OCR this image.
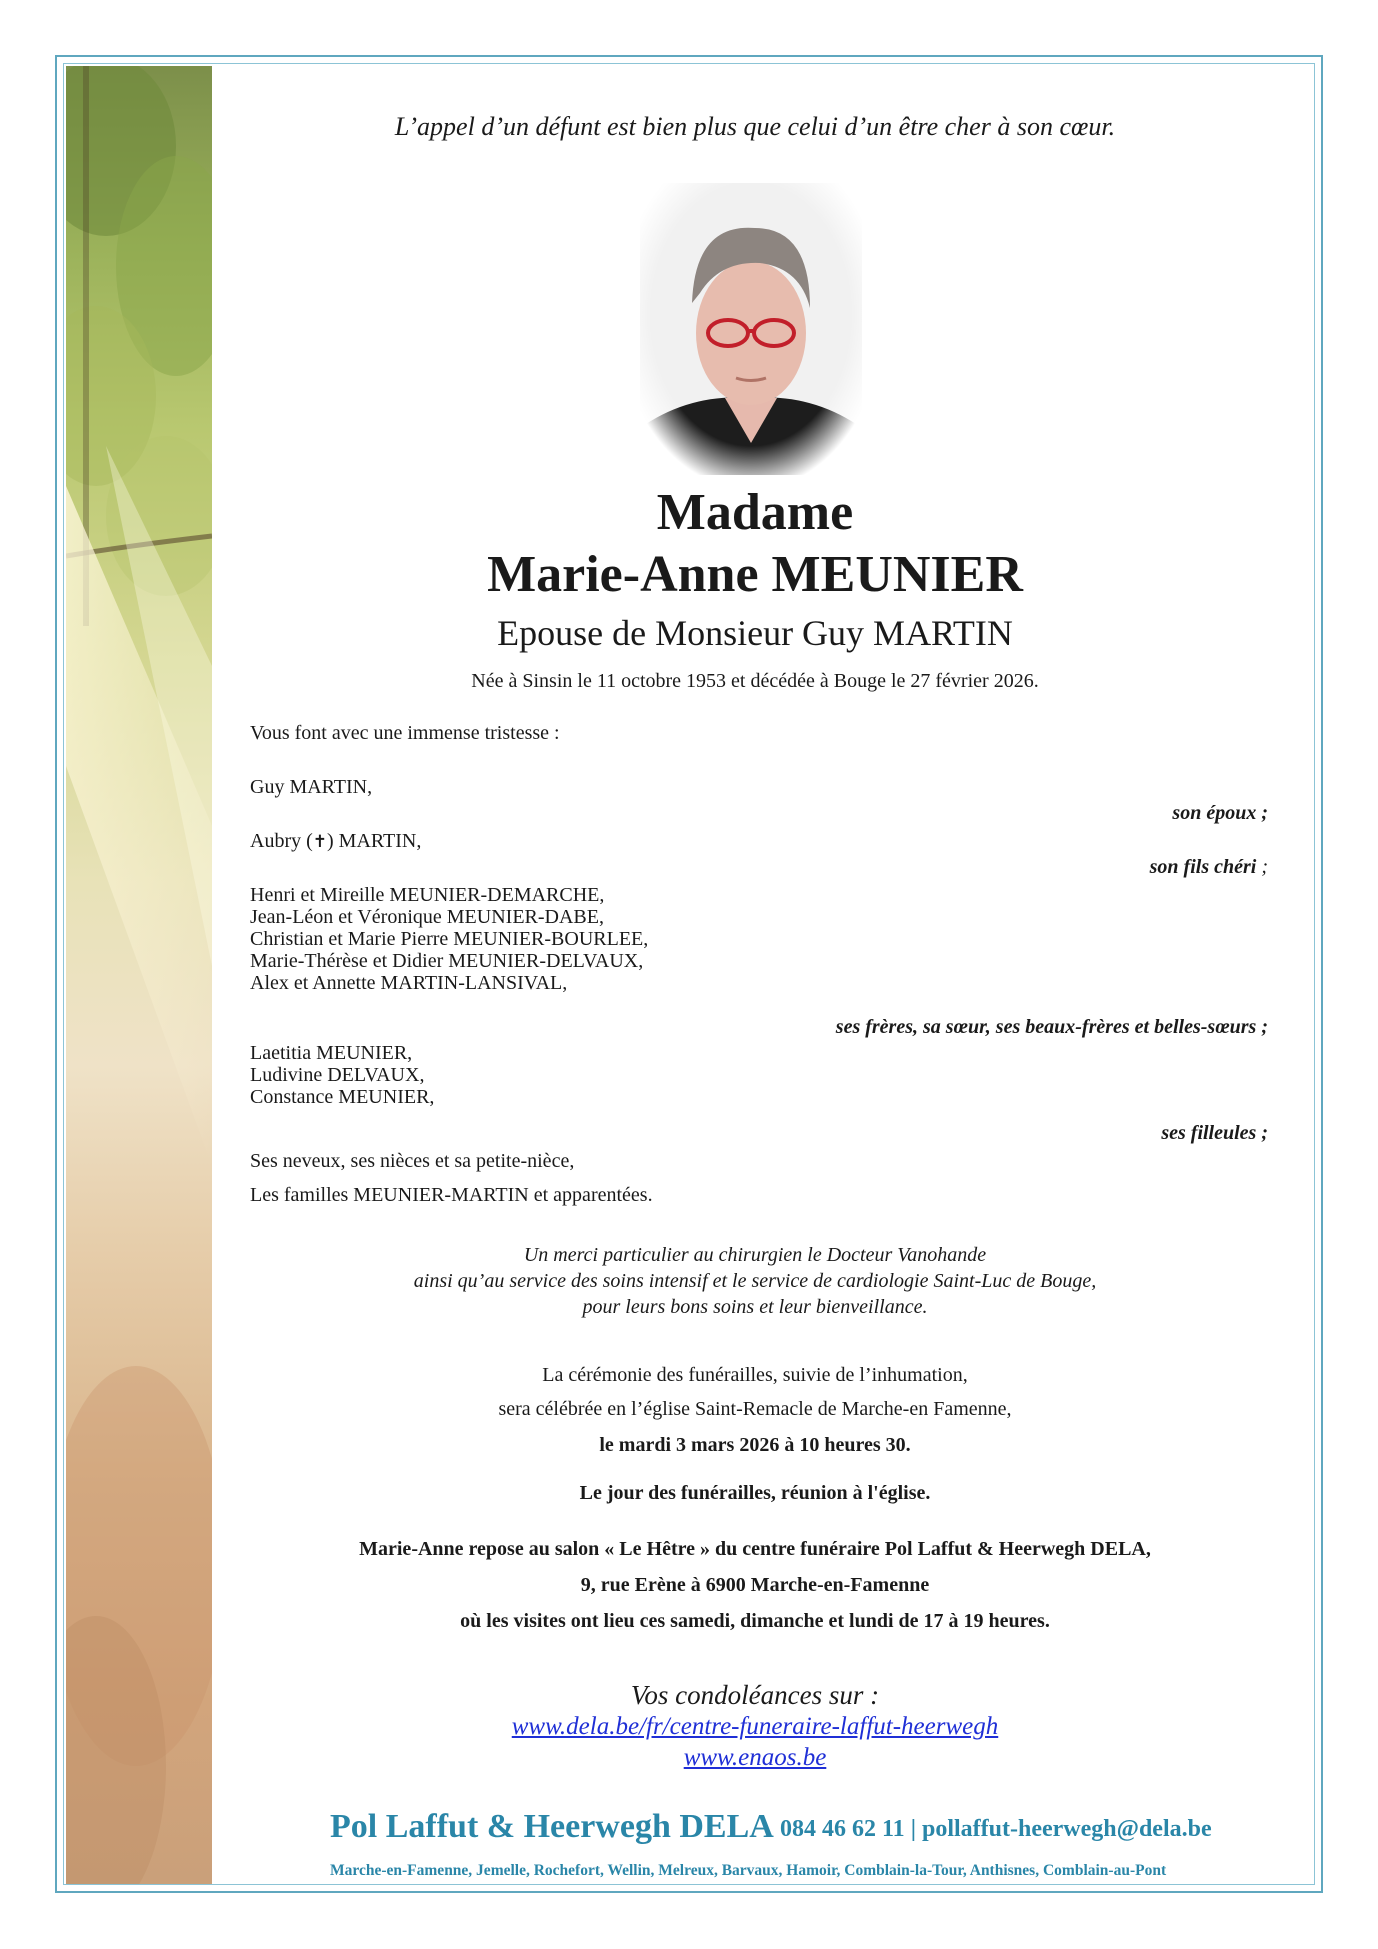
L’appel d’un défunt est bien plus que celui d’un être cher à son cœur.
Madame
Marie-Anne MEUNIER
Epouse de Monsieur Guy MARTIN
Née à Sinsin le 11 octobre 1953 et décédée à Bouge le 27 février 2026.
Vous font avec une immense tristesse :
Guy MARTIN,
son époux ;
Aubry (✝) MARTIN,
son fils chéri ;
Henri et Mireille MEUNIER-DEMARCHE,
Jean-Léon et Véronique MEUNIER-DABE,
Christian et Marie Pierre MEUNIER-BOURLEE,
Marie-Thérèse et Didier MEUNIER-DELVAUX,
Alex et Annette MARTIN-LANSIVAL,
ses frères, sa sœur, ses beaux-frères et belles-sœurs ;
Laetitia MEUNIER,
Ludivine DELVAUX,
Constance MEUNIER,
ses filleules ;
Ses neveux, ses nièces et sa petite-nièce,
Les familles MEUNIER-MARTIN et apparentées.
Un merci particulier au chirurgien le Docteur Vanohande
ainsi qu’au service des soins intensif et le service de cardiologie Saint-Luc de Bouge,
pour leurs bons soins et leur bienveillance.
La cérémonie des funérailles, suivie de l’inhumation,
sera célébrée en l’église Saint-Remacle de Marche-en Famenne,
le mardi 3 mars 2026 à 10 heures 30.
Le jour des funérailles, réunion à l'église.
Marie-Anne repose au salon « Le Hêtre » du centre funéraire Pol Laffut & Heerwegh DELA,
9, rue Erène à 6900 Marche-en-Famenne
où les visites ont lieu ces samedi, dimanche et lundi de 17 à 19 heures.
Vos condoléances sur :
www.dela.be/fr/centre-funeraire-laffut-heerwegh
www.enaos.be
Pol Laffut & Heerwegh DELA 084 46 62 11 | pollaffut-heerwegh@dela.be
Marche-en-Famenne, Jemelle, Rochefort, Wellin, Melreux, Barvaux, Hamoir, Comblain-la-Tour, Anthisnes, Comblain-au-Pont
